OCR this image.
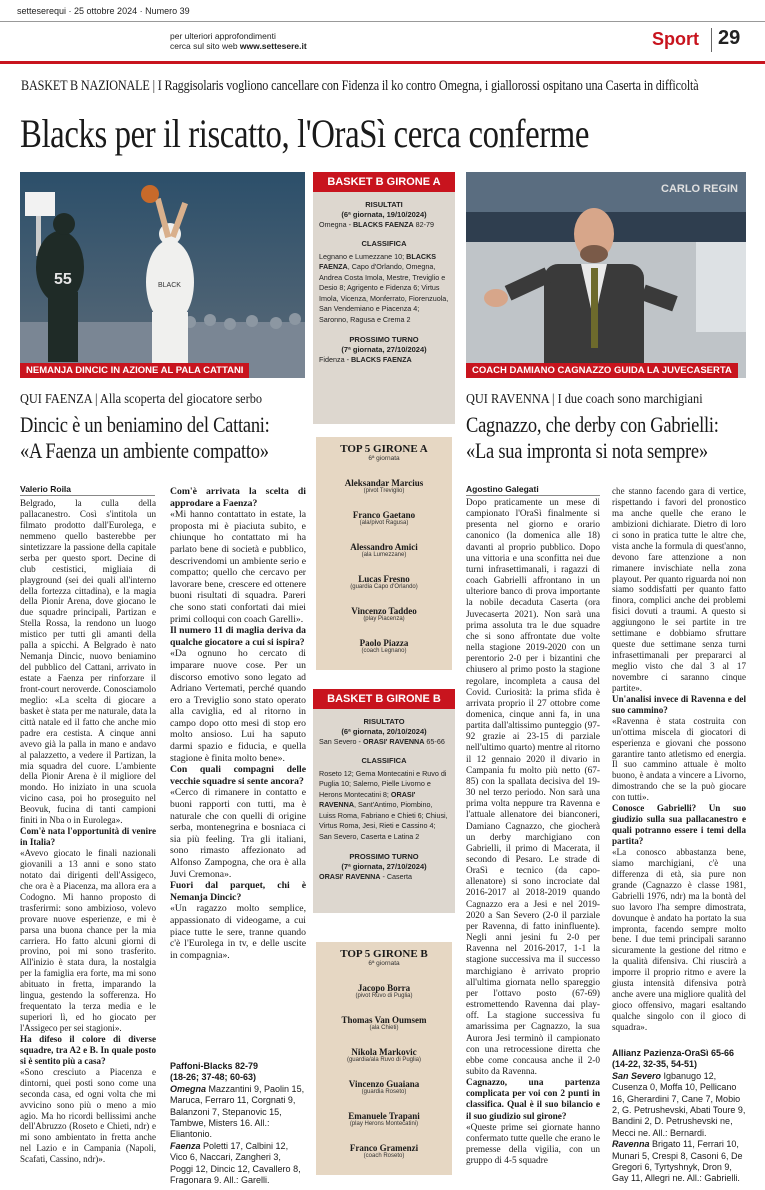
setteserequi · 25 ottobre 2024 · Numero 39
per ulteriori approfondimenti
cerca sul sito web www.settesere.it	Sport 29
BASKET B NAZIONALE | I Raggisolaris vogliono cancellare con Fidenza il ko contro Omegna, i giallorossi ospitano una Caserta in difficoltà
Blacks per il riscatto, l'OraSì cerca conferme
55	BLACK
NEMANJA DINCIC IN AZIONE AL PALA CATTANI
CARLO REGIN
COACH DAMIANO CAGNAZZO GUIDA LA JUVECASERTA
BASKET B GIRONE A
RISULTATI
(6ª giornata, 19/10/2024)
Omegna - BLACKS FAENZA 82-79
CLASSIFICA
Legnano e Lumezzane 10; BLACKS FAENZA, Capo d'Orlando, Omegna, Andrea Costa Imola, Mestre, Treviglio e Desio 8; Agrigento e Fidenza 6; Virtus Imola, Vicenza, Monferrato, Fiorenzuola, San Vendemiano e Piacenza 4; Saronno, Ragusa e Crema 2
PROSSIMO TURNO
(7ª giornata, 27/10/2024)
Fidenza - BLACKS FAENZA
TOP 5 GIRONE A
6ª giornata
Aleksandar Marcius
(pivot Treviglio)
Franco Gaetano
(ala/pivot Ragusa)
Alessandro Amici
(ala Lumezzane)
Lucas Fresno
(guardia Capo d'Orlando)
Vincenzo Taddeo
(play Piacenza)
Paolo Piazza
(coach Legnano)
BASKET B GIRONE B
RISULTATO
(6ª giornata, 20/10/2024)
San Severo - ORASI' RAVENNA 65-66
CLASSIFICA
Roseto 12; Gema Montecatini e Ruvo di Puglia 10; Salerno, Pielle Livorno e Herons Montecatini 8; ORASI' RAVENNA, Sant'Antimo, Piombino, Luiss Roma, Fabriano e Chieti 6; Chiusi, Virtus Roma, Jesi, Rieti e Cassino 4; San Severo, Caserta e Latina 2
PROSSIMO TURNO
(7ª giornata, 27/10/2024)
ORASI' RAVENNA - Caserta
TOP 5 GIRONE B
6ª giornata
Jacopo Borra
(pivot Ruvo di Puglia)
Thomas Van Oumsem
(ala Chieti)
Nikola Markovic
(guardia/ala Ruvo di Puglia)
Vincenzo Guaiana
(guardia Roseto)
Emanuele Trapani
(play Herons Montecatini)
Franco Gramenzi
(coach Roseto)
QUI FAENZA | Alla scoperta del giocatore serbo
Dincic è un beniamino del Cattani:
«A Faenza un ambiente compatto»
Valerio Roila

Belgrado, la culla della pallacanestro. Così s'intitola un filmato prodotto dall'Eurolega, e nemmeno quello basterebbe per sintetizzare la passione della capitale serba per questo sport. Decine di club cestistici, migliaia di playground (sei dei quali all'interno della fortezza cittadina), e la magia della Pionir Arena, dove giocano le due squadre principali, Partizan e Stella Rossa, la rendono un luogo mistico per tutti gli amanti della palla a spicchi. A Belgrado è nato Nemanja Dincic, nuovo beniamino del pubblico del Cattani, arrivato in estate a Faenza per rinforzare il front-court neroverde. Conosciamolo meglio: «La scelta di giocare a basket è stata per me naturale, data la città natale ed il fatto che anche mio padre era cestista. A cinque anni avevo già la palla in mano e andavo al palazzetto, a vedere il Partizan, la mia squadra del cuore. L'ambiente della Pionir Arena è il migliore del mondo. Ho iniziato in una scuola vicino casa, poi ho proseguito nel Beovuk, fucina di tanti campioni finiti in Nba o in Eurolega».

Com'è nata l'opportunità di venire in Italia?

«Avevo giocato le finali nazionali giovanili a 13 anni e sono stato notato dai dirigenti dell'Assigeco, che ora è a Piacenza, ma allora era a Codogno. Mi hanno proposto di trasferirmi: sono ambizioso, volevo provare nuove esperienze, e mi è parsa una buona chance per la mia carriera. Ho fatto alcuni giorni di provino, poi mi sono trasferito. All'inizio è stata dura, la nostalgia per la famiglia era forte, ma mi sono abituato in fretta, imparando la lingua, gestendo la sofferenza. Ho frequentato la terza media e le superiori lì, ed ho giocato per l'Assigeco per sei stagioni».

Ha difeso il colore di diverse squadre, tra A2 e B. In quale posto si è sentito più a casa?

«Sono cresciuto a Piacenza e dintorni, quei posti sono come una seconda casa, ed ogni volta che mi avvicino sono più o meno a mio agio. Ma ho ricordi bellissimi anche dell'Abruzzo (Roseto e Chieti, ndr) e mi sono ambientato in fretta anche nel Lazio e in Campania (Napoli, Scafati, Cassino, ndr)».

Com'è arrivata la scelta di approdare a Faenza?

«Mi hanno contattato in estate, la proposta mi è piaciuta subito, e chiunque ho contattato mi ha parlato bene di società e pubblico, descrivendomi un ambiente serio e compatto; quello che cercavo per lavorare bene, crescere ed ottenere buoni risultati di squadra. Pareri che sono stati confortati dai miei primi colloqui con coach Garelli».

Il numero 11 di maglia deriva da qualche giocatore a cui si ispira?

«Da ognuno ho cercato di imparare nuove cose. Per un discorso emotivo sono legato ad Adriano Vertemati, perché quando ero a Treviglio sono stato operato alla caviglia, ed al ritorno in campo dopo otto mesi di stop ero molto ansioso. Lui ha saputo darmi spazio e fiducia, e quella stagione è finita molto bene».

Con quali compagni delle vecchie squadre si sente ancora?

«Cerco di rimanere in contatto e buoni rapporti con tutti, ma è naturale che con quelli di origine serba, montenegrina e bosniaca ci sia più feeling. Tra gli italiani, sono rimasto affezionato ad Alfonso Zampogna, che ora è alla Juvi Cremona».

Fuori dal parquet, chi è Nemanja Dincic?

«Un ragazzo molto semplice, appassionato di videogame, a cui piace tutte le sere, tranne quando c'è l'Eurolega in tv, e delle uscite in compagnia».

Paffoni-Blacks 82-79
(18-26; 37-48; 60-63)
Omegna Mazzantini 9, Paolin 15, Maruca, Ferraro 11, Corgnati 9, Balanzoni 7, Stepanovic 15, Tambwe, Misters 16. All.: Eliantonio.
Faenza Poletti 17, Calbini 12, Vico 6, Naccari, Zangheri 3, Poggi 12, Dincic 12, Cavallero 8, Fragonara 9. All.: Garelli.
QUI RAVENNA | I due coach sono marchigiani
Cagnazzo, che derby con Gabrielli:
«La sua impronta si nota sempre»
Agostino Galegati

Dopo praticamente un mese di campionato l'OraSì finalmente si presenta nel giorno e orario canonico (la domenica alle 18) davanti al proprio pubblico. Dopo una vittoria e una sconfitta nei due turni infrasettimanali, i ragazzi di coach Gabrielli affrontano in un ulteriore banco di prova importante la nobile decaduta Caserta (ora Juvecaserta 2021). Non sarà una prima assoluta tra le due squadre che si sono affrontate due volte nella stagione 2019-2020 con un perentorio 2-0 per i bizantini che chiusero al primo posto la stagione regolare, incompleta a causa del Covid. Curiosità: la prima sfida è arrivata proprio il 27 ottobre come domenica, cinque anni fa, in una partita dall'altissimo punteggio (97-92 grazie ai 23-15 di parziale nell'ultimo quarto) mentre al ritorno il 12 gennaio 2020 il divario in Campania fu molto più netto (67-85) con la spallata decisiva del 19-30 nel terzo periodo. Non sarà una prima volta neppure tra Ravenna e l'attuale allenatore dei bianconeri, Damiano Cagnazzo, che giocherà un derby marchigiano con Gabrielli, il primo di Macerata, il secondo di Pesaro. Le strade di OraSì e tecnico (da capo-allenatore) si sono incrociate dal 2016-2017 al 2018-2019 quando Cagnazzo era a Jesi e nel 2019-2020 a San Severo (2-0 il parziale per Ravenna, di fatto ininfluente). Negli anni jesini fu 2-0 per Ravenna nel 2016-2017, 1-1 la stagione successiva ma il successo marchigiano è arrivato proprio all'ultima giornata nello spareggio per l'ottavo posto (67-69) estromettendo Ravenna dai play-off. La stagione successiva fu amarissima per Cagnazzo, la sua Aurora Jesi terminò il campionato con una retrocessione diretta che ebbe come concausa anche il 2-0 subito da Ravenna.

Cagnazzo, una partenza complicata per voi con 2 punti in classifica. Qual è il suo bilancio e il suo giudizio sul girone?

«Queste prime sei giornate hanno confermato tutte quelle che erano le premesse della vigilia, con un gruppo di 4-5 squadre

che stanno facendo gara di vertice, rispettando i favori del pronostico ma anche quelle che erano le ambizioni dichiarate. Dietro di loro ci sono in pratica tutte le altre che, vista anche la formula di quest'anno, devono fare attenzione a non rimanere invischiate nella zona playout. Per quanto riguarda noi non siamo soddisfatti per quanto fatto finora, complici anche dei problemi fisici dovuti a traumi. A questo si aggiungono le sei partite in tre settimane e dobbiamo sfruttare queste due settimane senza turni infrasettimanali per prepararci al meglio visto che dal 3 al 17 novembre ci saranno cinque partite».

Un'analisi invece di Ravenna e del suo cammino?

«Ravenna è stata costruita con un'ottima miscela di giocatori di esperienza e giovani che possono garantire tanto atletismo ed energia. Il suo cammino attuale è molto buono, è andata a vincere a Livorno, dimostrando che se la può giocare con tutti».

Conosce Gabrielli? Un suo giudizio sulla sua pallacanestro e quali potranno essere i temi della partita?

«La conosco abbastanza bene, siamo marchigiani, c'è una differenza di età, sia pure non grande (Cagnazzo è classe 1981, Gabrielli 1976, ndr) ma la bontà del suo lavoro l'ha sempre dimostrata, dovunque è andato ha portato la sua impronta, facendo sempre molto bene. I due temi principali saranno sicuramente la gestione del ritmo e la qualità difensiva. Chi riuscirà a imporre il proprio ritmo e avere la giusta intensità difensiva potrà anche avere una migliore qualità del gioco offensivo, magari esaltando qualche singolo con il gioco di squadra».

Allianz Pazienza-OraSì 65-66
(14-22, 32-35, 54-51)
San Severo Igbanugo 12, Cusenza 0, Moffa 10, Pellicano 16, Gherardini 7, Cane 7, Mobio 2, G. Petrushevski, Abati Toure 9, Bandini 2, D. Petrushevski ne, Mecci ne. All.: Bernardi.
Ravenna Brigato 11, Ferrari 10, Munari 5, Crespi 8, Casoni 6, De Gregori 6, Tyrtyshnyk, Dron 9, Gay 11, Allegri ne. All.: Gabrielli.
